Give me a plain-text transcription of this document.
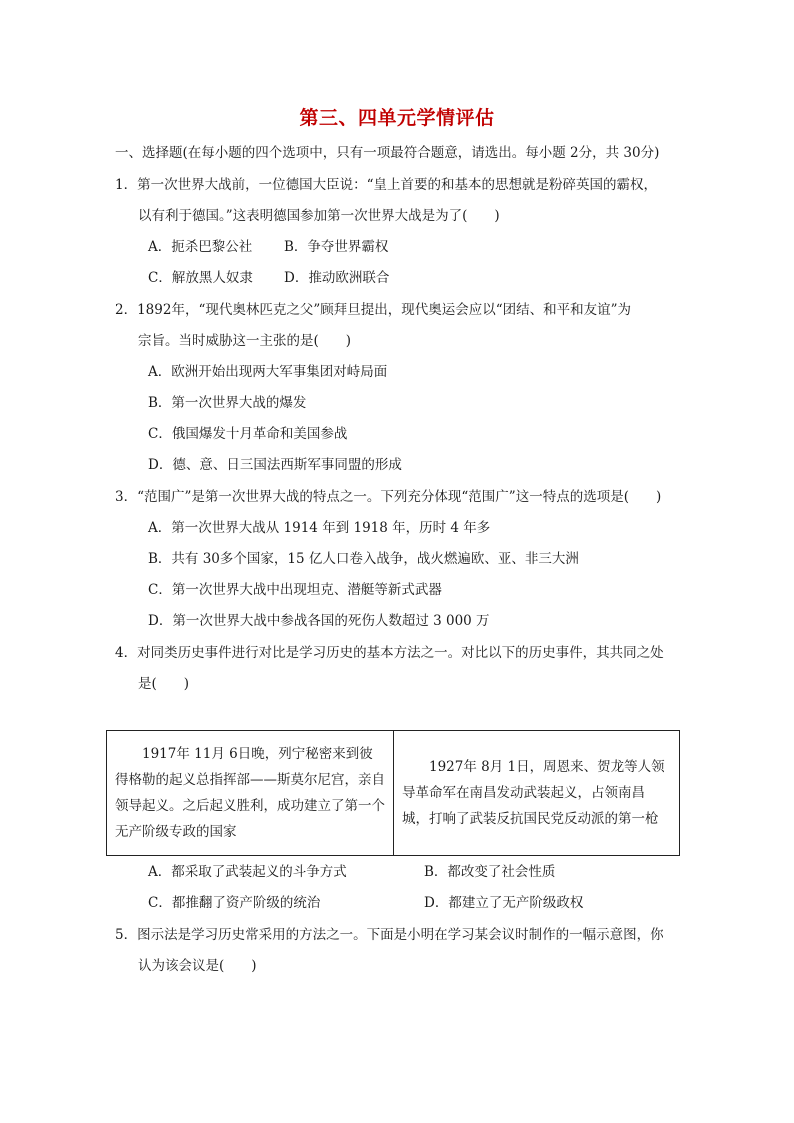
第三、四单元学情评估
一、选择题(在每小题的四个选项中，只有一项最符合题意，请选出。每小题 2分，共 30分)
1．第一次世界大战前，一位德国大臣说：“皇上首要的和基本的思想就是粉碎英国的霸权，
以有利于德国。”这表明德国参加第一次世界大战是为了(　　)
A．扼杀巴黎公社 B．争夺世界霸权
C．解放黑人奴隶 D．推动欧洲联合
2．1892年，“现代奥林匹克之父”顾拜旦提出，现代奥运会应以“团结、和平和友谊”为
宗旨。当时威胁这一主张的是(　　)
A．欧洲开始出现两大军事集团对峙局面
B．第一次世界大战的爆发
C．俄国爆发十月革命和美国参战
D．德、意、日三国法西斯军事同盟的形成
3．“范围广”是第一次世界大战的特点之一。下列充分体现“范围广”这一特点的选项是(　　)
A．第一次世界大战从 1914 年到 1918 年，历时 4 年多
B．共有 30多个国家，15 亿人口卷入战争，战火燃遍欧、亚、非三大洲
C．第一次世界大战中出现坦克、潜艇等新式武器
D．第一次世界大战中参战各国的死伤人数超过 3 000 万
4．对同类历史事件进行对比是学习历史的基本方法之一。对比以下的历史事件，其共同之处
是(　　)
1917年 11月 6日晚，列宁秘密来到彼得格勒的起义总指挥部——斯莫尔尼宫，亲自领导起义。之后起义胜利，成功建立了第一个无产阶级专政的国家
1927年 8月 1日，周恩来、贺龙等人领导革命军在南昌发动武装起义，占领南昌城，打响了武装反抗国民党反动派的第一枪
A．都采取了武装起义的斗争方式	B．都改变了社会性质
C．都推翻了资产阶级的统治	D．都建立了无产阶级政权
5．图示法是学习历史常采用的方法之一。下面是小明在学习某会议时制作的一幅示意图，你
认为该会议是(　　)
